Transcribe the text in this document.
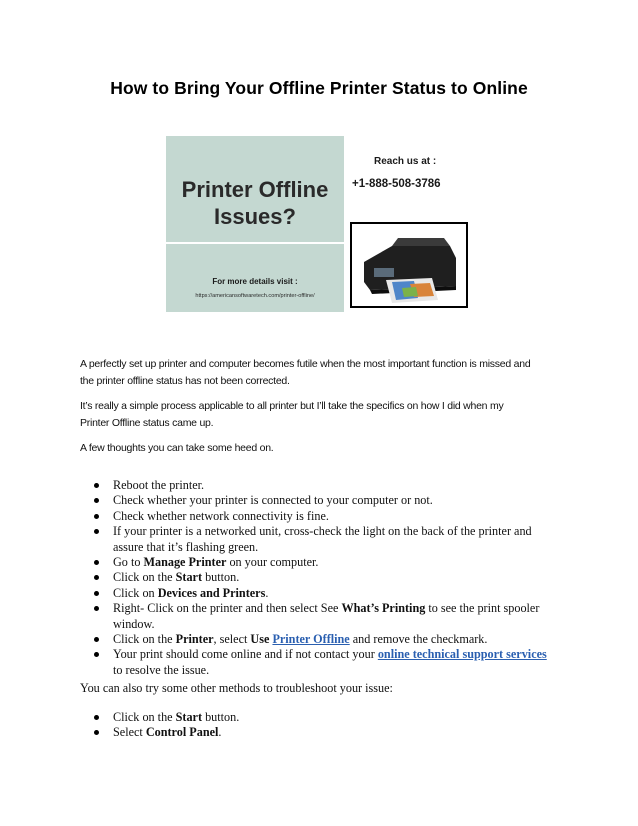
How to Bring Your Offline Printer Status to Online
Printer Offline
Issues?
For more details visit :
https://americansoftwaretech.com/printer-offline/
Reach us at :
+1-888-508-3786

A perfectly set up printer and computer becomes futile when the most important function is missed and
the printer offline status has not been corrected.

It’s really a simple process applicable to all printer but I’ll take the specifics on how I did when my
Printer Offline status came up.

A few thoughts you can take some heed on.

Reboot the printer.
Check whether your printer is connected to your computer or not.
Check whether network connectivity is fine.
If your printer is a networked unit, cross-check the light on the back of the printer and
assure that it’s flashing green.
Go to Manage Printer on your computer.
Click on the Start button.
Click on Devices and Printers.
Right- Click on the printer and then select See What’s Printing to see the print spooler
window.
Click on the Printer, select Use Printer Offline and remove the checkmark.
Your print should come online and if not contact your online technical support services
to resolve the issue.

You can also try some other methods to troubleshoot your issue:

Click on the Start button.
Select Control Panel.
